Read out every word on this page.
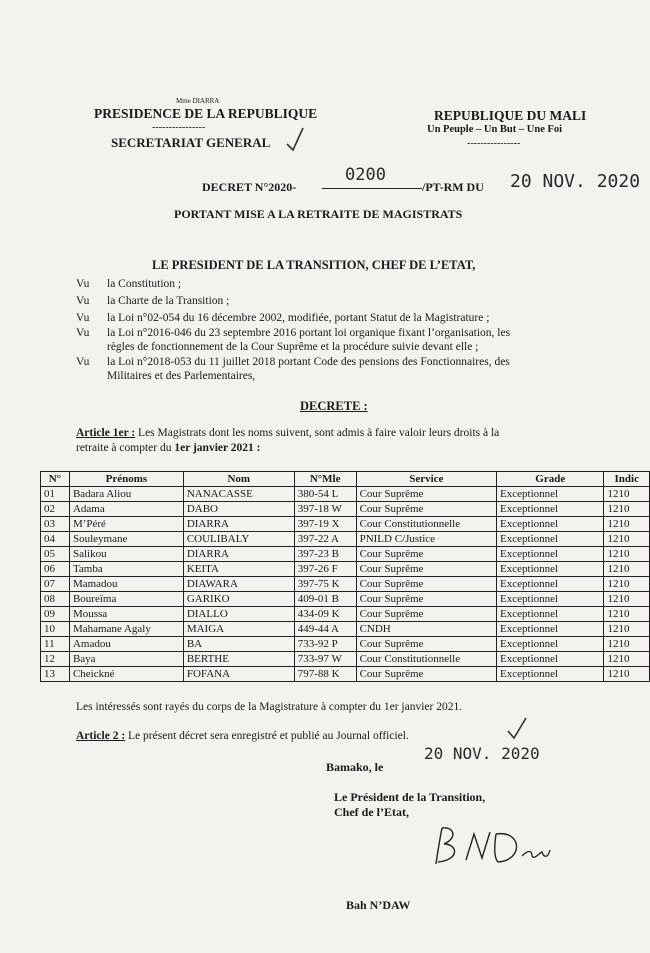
Mme DIARRA
PRESIDENCE DE LA REPUBLIQUE
----------------
SECRETARIAT GENERAL
REPUBLIQUE DU MALI
Un Peuple – Un But – Une Foi
----------------
DECRET N°2020-
0200
/PT-RM DU 20 NOV. 2020
PORTANT MISE A LA RETRAITE DE MAGISTRATS
LE PRESIDENT DE LA TRANSITION, CHEF DE L’ETAT,
Vu la Constitution ;
Vu la Charte de la Transition ;
Vu la Loi n°02-054 du 16 décembre 2002, modifiée, portant Statut de la Magistrature ;
Vu la Loi n°2016-046 du 23 septembre 2016 portant loi organique fixant l’organisation, les
règles de fonctionnement de la Cour Suprême et la procédure suivie devant elle ;
Vu la Loi n°2018-053 du 11 juillet 2018 portant Code des pensions des Fonctionnaires, des
Militaires et des Parlementaires,
DECRETE :
Article 1er : Les Magistrats dont les noms suivent, sont admis à faire valoir leurs droits à la
retraite à compter du 1er janvier 2021 :
N°	Prénoms	Nom	N°Mle	Service	Grade	Indic
01	Badara Aliou	NANACASSE	380-54 L	Cour Suprême	Exceptionnel	1210
02	Adama	DABO	397-18 W	Cour Suprême	Exceptionnel	1210
03	M’Péré	DIARRA	397-19 X	Cour Constitutionnelle	Exceptionnel	1210
04	Souleymane	COULIBALY	397-22 A	PNILD C/Justice	Exceptionnel	1210
05	Salikou	DIARRA	397-23 B	Cour Suprême	Exceptionnel	1210
06	Tamba	KEITA	397-26 F	Cour Suprême	Exceptionnel	1210
07	Mamadou	DIAWARA	397-75 K	Cour Suprême	Exceptionnel	1210
08	Boureïma	GARIKO	409-01 B	Cour Suprême	Exceptionnel	1210
09	Moussa	DIALLO	434-09 K	Cour Suprême	Exceptionnel	1210
10	Mahamane Agaly	MAIGA	449-44 A	CNDH	Exceptionnel	1210
11	Amadou	BA	733-92 P	Cour Suprême	Exceptionnel	1210
12	Baya	BERTHE	733-97 W	Cour Constitutionnelle	Exceptionnel	1210
13	Cheickné	FOFANA	797-88 K	Cour Suprême	Exceptionnel	1210
Les intéressés sont rayés du corps de la Magistrature à compter du 1er janvier 2021.
Article 2 : Le présent décret sera enregistré et publié au Journal officiel.
Bamako, le
20 NOV. 2020
Le Président de la Transition,
Chef de l’Etat,
B N'Daw
Bah N’DAW
